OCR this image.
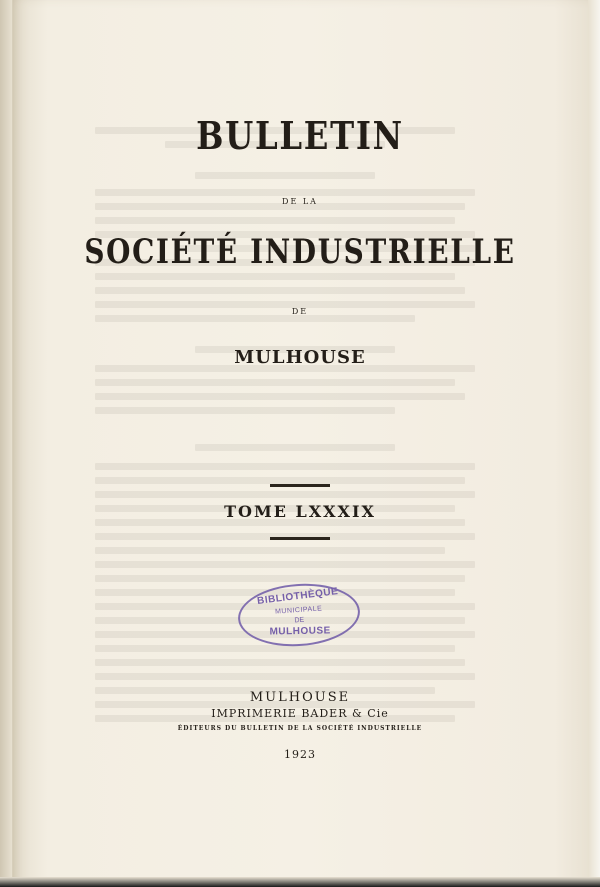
BULLETIN
DE LA
SOCIÉTÉ INDUSTRIELLE
DE
MULHOUSE
TOME LXXXIX
BIBLIOTHÈQUE
MUNICIPALE
DE
MULHOUSE
MULHOUSE
IMPRIMERIE BADER & Cie
ÉDITEURS DU BULLETIN DE LA SOCIÉTÉ INDUSTRIELLE
1923
